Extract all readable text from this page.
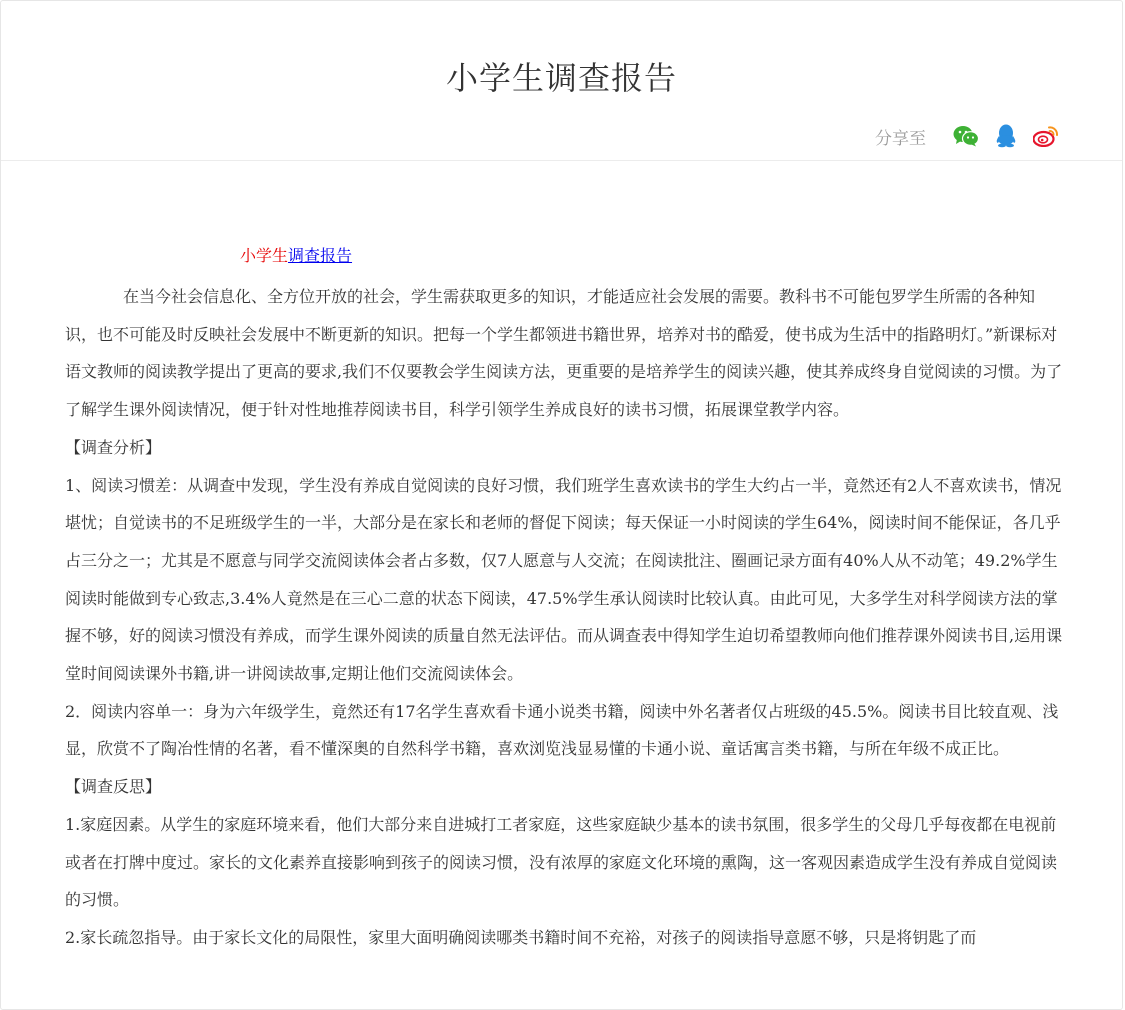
小学生调查报告
分享至

小学生调查报告

在当今社会信息化、全方位开放的社会，学生需获取更多的知识，才能适应社会发展的需要。教科书不可能包罗学生所需的各种知识，也不可能及时反映社会发展中不断更新的知识。把每一个学生都领进书籍世界，培养对书的酷爱，使书成为生活中的指路明灯。”新课标对语文教师的阅读教学提出了更高的要求,我们不仅要教会学生阅读方法，更重要的是培养学生的阅读兴趣，使其养成终身自觉阅读的习惯。为了了解学生课外阅读情况，便于针对性地推荐阅读书目，科学引领学生养成良好的读书习惯，拓展课堂教学内容。

【调查分析】

1、阅读习惯差：从调查中发现，学生没有养成自觉阅读的良好习惯，我们班学生喜欢读书的学生大约占一半，竟然还有2人不喜欢读书，情况堪忧；自觉读书的不足班级学生的一半，大部分是在家长和老师的督促下阅读；每天保证一小时阅读的学生64%，阅读时间不能保证，各几乎占三分之一；尤其是不愿意与同学交流阅读体会者占多数，仅7人愿意与人交流；在阅读批注、圈画记录方面有40%人从不动笔；49.2%学生阅读时能做到专心致志,3.4%人竟然是在三心二意的状态下阅读，47.5%学生承认阅读时比较认真。由此可见，大多学生对科学阅读方法的掌握不够，好的阅读习惯没有养成，而学生课外阅读的质量自然无法评估。而从调查表中得知学生迫切希望教师向他们推荐课外阅读书目,运用课堂时间阅读课外书籍,讲一讲阅读故事,定期让他们交流阅读体会。

2．阅读内容单一：身为六年级学生，竟然还有17名学生喜欢看卡通小说类书籍，阅读中外名著者仅占班级的45.5%。阅读书目比较直观、浅显，欣赏不了陶冶性情的名著，看不懂深奥的自然科学书籍，喜欢浏览浅显易懂的卡通小说、童话寓言类书籍，与所在年级不成正比。

【调查反思】

1.家庭因素。从学生的家庭环境来看，他们大部分来自进城打工者家庭，这些家庭缺少基本的读书氛围，很多学生的父母几乎每夜都在电视前或者在打牌中度过。家长的文化素养直接影响到孩子的阅读习惯，没有浓厚的家庭文化环境的熏陶，这一客观因素造成学生没有养成自觉阅读的习惯。

2.家长疏忽指导。由于家长文化的局限性，家里大面明确阅读哪类书籍时间不充裕，对孩子的阅读指导意愿不够，只是将钥匙了而
